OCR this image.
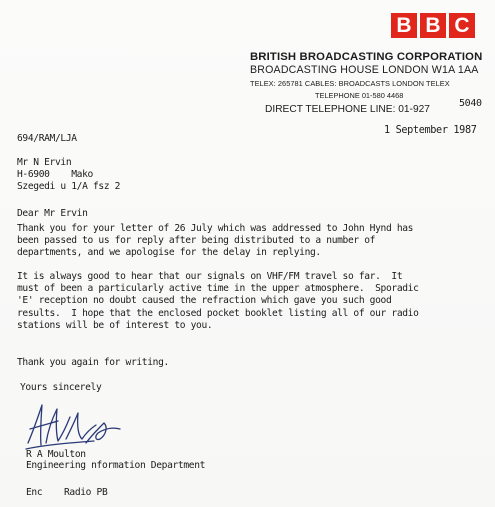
B B C
BRITISH BROADCASTING CORPORATION
BROADCASTING HOUSE LONDON W1A 1AA
TELEX: 265781 CABLES: BROADCASTS LONDON TELEX
TELEPHONE 01-580 4468
DIRECT TELEPHONE LINE: 01-927
5040
694/RAM/LJA
1 September 1987
Mr N Ervin
H-6900    Mako
Szegedi u 1/A fsz 2
Dear Mr Ervin
Thank you for your letter of 26 July which was addressed to John Hynd has
been passed to us for reply after being distributed to a number of
departments, and we apologise for the delay in replying.
It is always good to hear that our signals on VHF/FM travel so far.  It
must of been a particularly active time in the upper atmosphere.  Sporadic
'E' reception no doubt caused the refraction which gave you such good
results.  I hope that the enclosed pocket booklet listing all of our radio
stations will be of interest to you.
Thank you again for writing.
Yours sincerely
R A Moulton
Engineering nformation Department
Enc    Radio PB
